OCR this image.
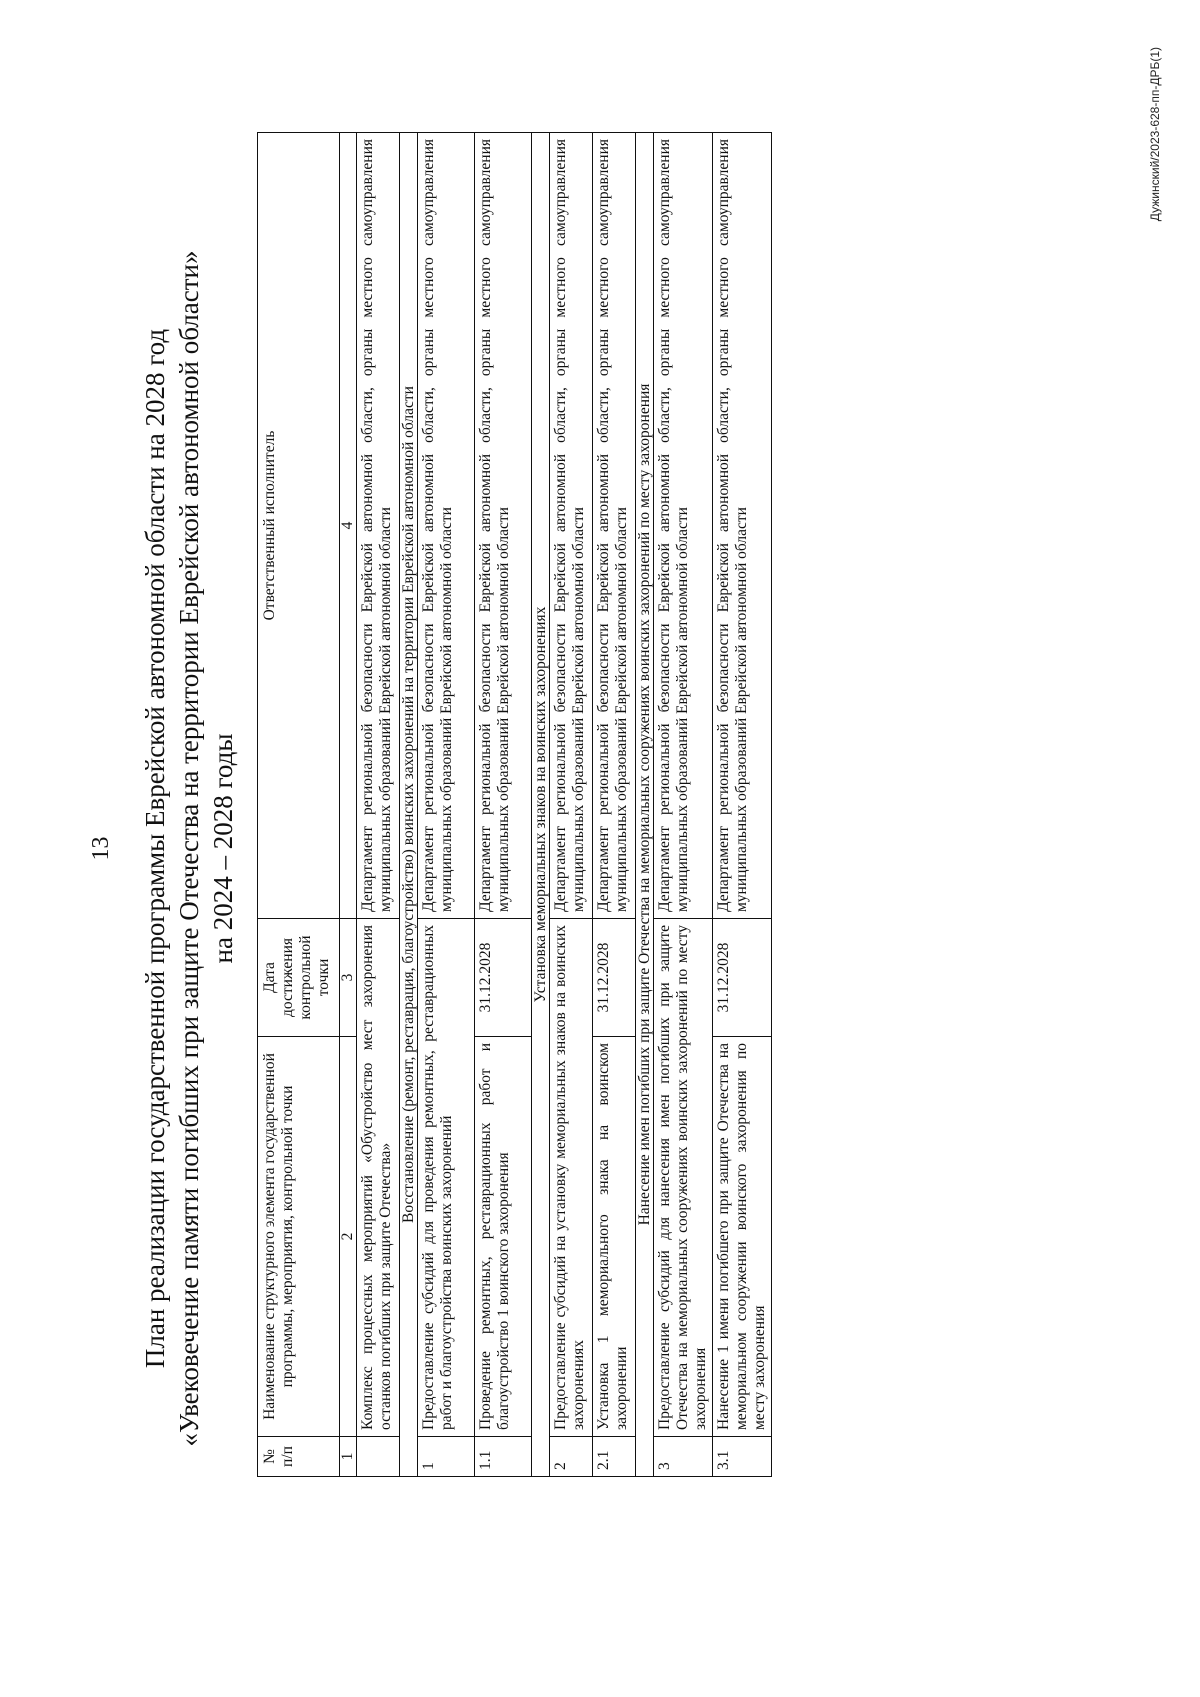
13 План реализации государственной программы Еврейской автономной области на 2028 год «Увековечение памяти погибших при защите Отечества на территории Еврейской автономной области» на 2024 – 2028 годы
№ п/п	Наименование структурного элемента государственной программы, мероприятия, контрольной точки	Дата достижения контрольной точки	Ответственный исполнитель
1	2	3	4
	Комплекс процессных мероприятий «Обустройство мест захоронения останков погибших при защите Отечества»		Департамент региональной безопасности Еврейской автономной области, органы местного самоуправления муниципальных образований Еврейской автономной области
Восстановление (ремонт, реставрация, благоустройство) воинских захоронений на территории Еврейской автономной области			
1	Предоставление субсидий для проведения ремонтных, реставрационных работ и благоустройства воинских захоронений		Департамент региональной безопасности Еврейской автономной области, органы местного самоуправления муниципальных образований Еврейской автономной области
1.1	Проведение ремонтных, реставрационных работ и благоустройство 1 воинского захоронения	31.12.2028	Департамент региональной безопасности Еврейской автономной области, органы местного самоуправления муниципальных образований Еврейской автономной области
Установка мемориальных знаков на воинских захоронениях			
2	Предоставление субсидий на установку мемориальных знаков на воинских захоронениях		Департамент региональной безопасности Еврейской автономной области, органы местного самоуправления муниципальных образований Еврейской автономной области
2.1	Установка 1 мемориального знака на воинском захоронении	31.12.2028	Департамент региональной безопасности Еврейской автономной области, органы местного самоуправления муниципальных образований Еврейской автономной области
Нанесение имен погибших при защите Отечества на мемориальных сооружениях воинских захоронений по месту захоронения			
3	Предоставление субсидий для нанесения имен погибших при защите Отечества на мемориальных сооружениях воинских захоронений по месту захоронения		Департамент региональной безопасности Еврейской автономной области, органы местного самоуправления муниципальных образований Еврейской автономной области
3.1	Нанесение 1 имени погибшего при защите Отечества на мемориальном сооружении воинского захоронения по месту захоронения	31.12.2028	Департамент региональной безопасности Еврейской автономной области, органы местного самоуправления муниципальных образований Еврейской автономной области
Дужинский/2023-628-пп-ДРБ(1)
